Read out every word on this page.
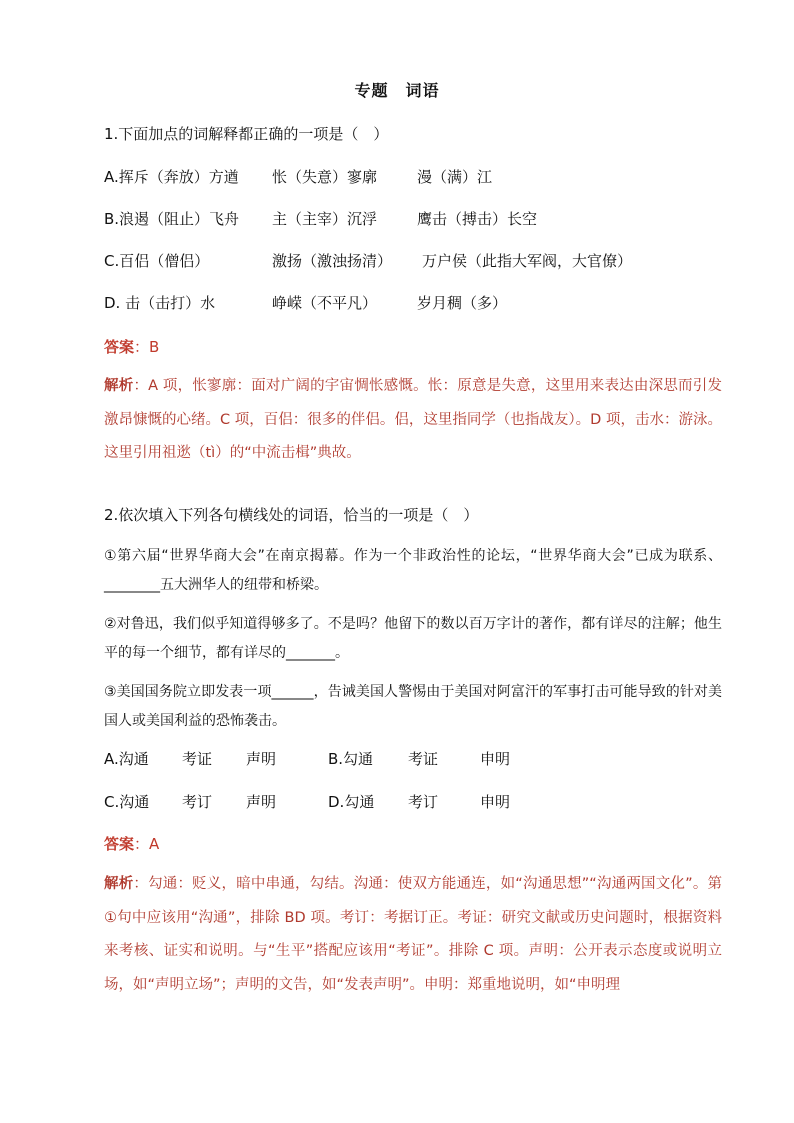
专题　词语
1.下面加点的词解释都正确的一项是（　）
A.挥斥（奔放）方遒 怅（失意）寥廓	漫（满）江
B.浪遏（阻止）飞舟 主（主宰）沉浮	鹰击（搏击）长空
C.百侣（僧侣）	激扬（激浊扬清） 万户侯（此指大军阀，大官僚）
D. 击（击打）水	峥嵘（不平凡）	岁月稠（多）
答案：B
解析：A 项，怅寥廓：面对广阔的宇宙惆怅感慨。怅：原意是失意，这里用来表达由深思而引发激昂慷慨的心绪。C 项，百侣：很多的伴侣。侣，这里指同学（也指战友）。D 项，击水：游泳。这里引用祖逖（tì）的“中流击楫”典故。
2.依次填入下列各句横线处的词语，恰当的一项是（　）
①第六届“世界华商大会”在南京揭幕。作为一个非政治性的论坛，“世界华商大会”已成为联系、________五大洲华人的纽带和桥梁。
②对鲁迅，我们似乎知道得够多了。不是吗？他留下的数以百万字计的著作，都有详尽的注解；他生平的每一个细节，都有详尽的_______。
③美国国务院立即发表一项______，告诫美国人警惕由于美国对阿富汗的军事打击可能导致的针对美国人或美国利益的恐怖袭击。
A.沟通 考证 声明	B.勾通 考证	申明
C.沟通 考订 声明	D.勾通 考订	申明
答案：A
解析：勾通：贬义，暗中串通，勾结。沟通：使双方能通连，如“沟通思想”“沟通两国文化”。第①句中应该用“沟通”，排除 BD 项。考订：考据订正。考证：研究文献或历史问题时，根据资料来考核、证实和说明。与“生平”搭配应该用“考证”。排除 C 项。声明：公开表示态度或说明立场，如“声明立场”；声明的文告，如“发表声明”。申明：郑重地说明，如“申明理
